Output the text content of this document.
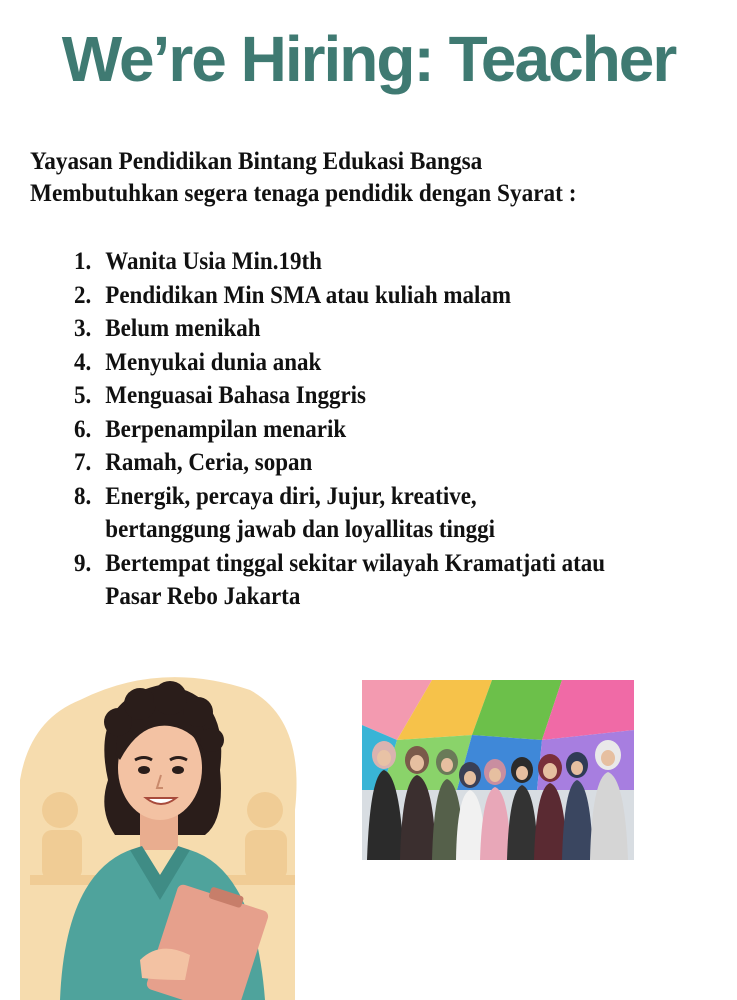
We’re Hiring: Teacher
Yayasan Pendidikan Bintang Edukasi Bangsa
Membutuhkan segera tenaga pendidik dengan Syarat :
1. Wanita Usia Min.19th
2. Pendidikan Min SMA atau kuliah malam
3. Belum menikah
4. Menyukai dunia anak
5. Menguasai Bahasa Inggris
6. Berpenampilan menarik
7. Ramah, Ceria, sopan
8. Energik, percaya diri, Jujur, kreative,
bertanggung jawab dan loyallitas tinggi
9. Bertempat tinggal sekitar wilayah Kramatjati atau
Pasar Rebo Jakarta
